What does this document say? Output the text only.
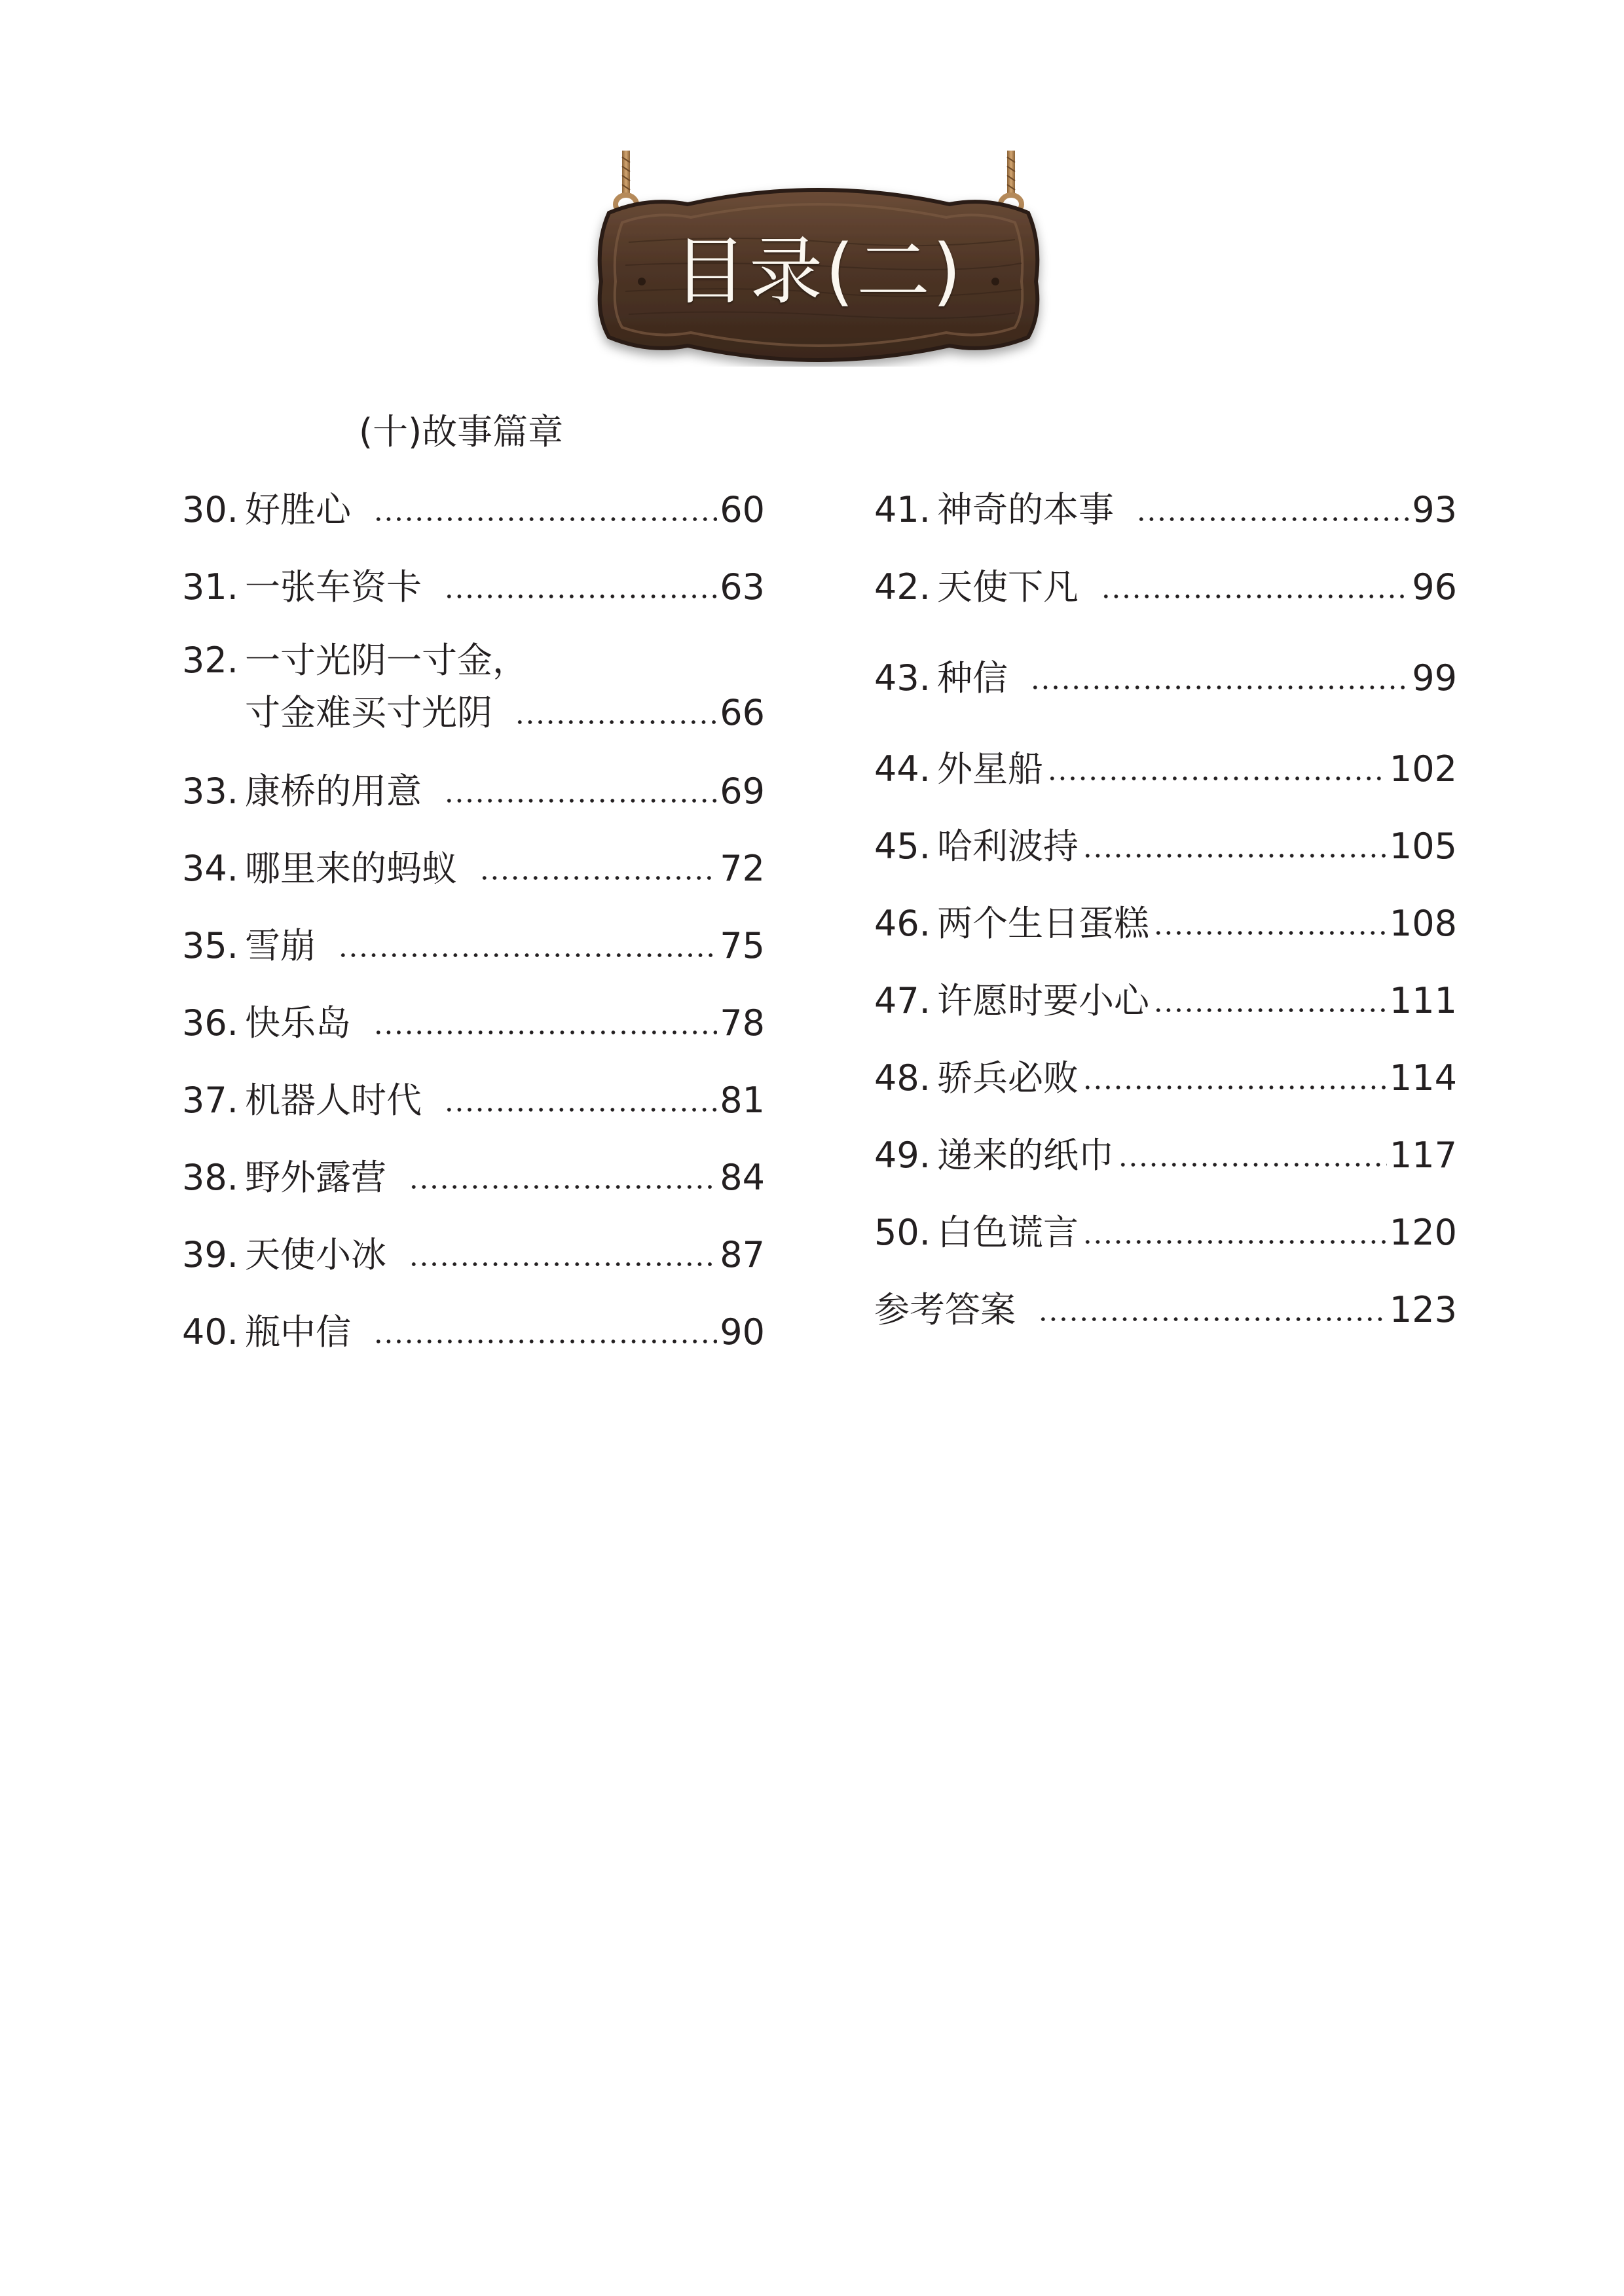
目录(二)
(十)故事篇章
30. 好胜心	60
31. 一张车资卡	63
32. 一寸光阴一寸金，
寸金难买寸光阴	66
33. 康桥的用意	69
34. 哪里来的蚂蚁	72
35. 雪崩	75
36. 快乐岛	78
37. 机器人时代	81
38. 野外露营	84
39. 天使小冰	87
40. 瓶中信	90
41. 神奇的本事	93
42. 天使下凡	96
43. 种信	99
44. 外星船	102
45. 哈利波持	105
46. 两个生日蛋糕	108
47. 许愿时要小心	111
48. 骄兵必败	114
49. 递来的纸巾	117
50. 白色谎言	120
参考答案	123
